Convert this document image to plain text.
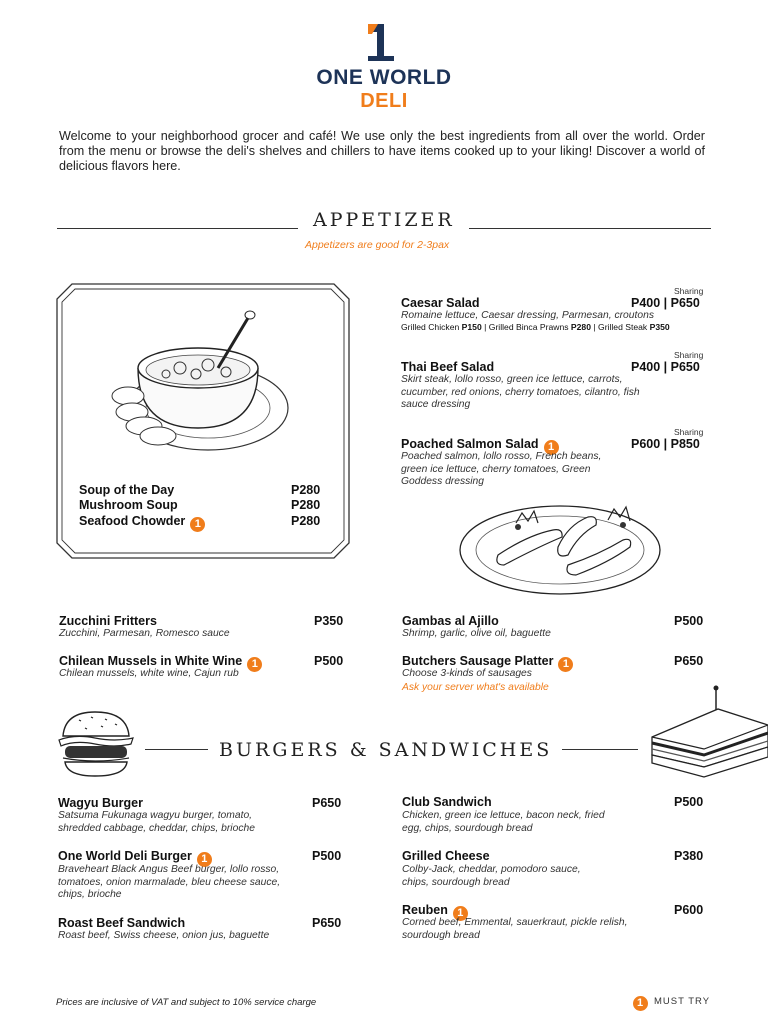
ONE WORLD
DELI
Welcome to your neighborhood grocer and café! We use only the best ingredients from all over the world. Order from the menu or browse the deli's shelves and chillers to have items cooked up to your liking! Discover a world of delicious flavors here.
APPETIZER
Appetizers are good for 2-3pax
Soup of the Day	P280
Mushroom Soup	P280
Seafood Chowder 1	P280
Sharing
Caesar Salad	P400 | P650
Romaine lettuce, Caesar dressing, Parmesan, croutons
Grilled Chicken P150 | Grilled Binca Prawns P280 | Grilled Steak P350
Sharing
Thai Beef Salad	P400 | P650
Skirt steak, lollo rosso, green ice lettuce, carrots, cucumber, red onions, cherry tomatoes, cilantro, fish sauce dressing
Sharing
Poached Salmon Salad 1	P600 | P850
Poached salmon, lollo rosso, French beans, green ice lettuce, cherry tomatoes, Green Goddess dressing
Zucchini Fritters	P350
Zucchini, Parmesan, Romesco sauce
Chilean Mussels in White Wine 1	P500
Chilean mussels, white wine, Cajun rub
Gambas al Ajillo	P500
Shrimp, garlic, olive oil, baguette
Butchers Sausage Platter 1	P650
Choose 3-kinds of sausages
Ask your server what's available
BURGERS & SANDWICHES
Wagyu Burger	P650
Satsuma Fukunaga wagyu burger, tomato, shredded cabbage, cheddar, chips, brioche
One World Deli Burger 1	P500
Braveheart Black Angus Beef burger, lollo rosso, tomatoes, onion marmalade, bleu cheese sauce, chips, brioche
Roast Beef Sandwich	P650
Roast beef, Swiss cheese, onion jus, baguette
Club Sandwich	P500
Chicken, green ice lettuce, bacon neck, fried egg, chips, sourdough bread
Grilled Cheese	P380
Colby-Jack, cheddar, pomodoro sauce, chips, sourdough bread
Reuben 1	P600
Corned beef, Emmental, sauerkraut, pickle relish, sourdough bread
Prices are inclusive of VAT and subject to 10% service charge	1 MUST TRY
